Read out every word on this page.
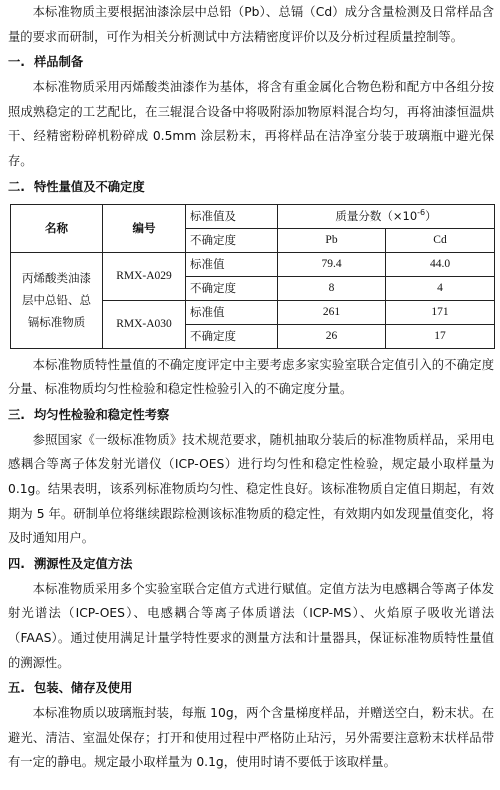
本标准物质主要根据油漆涂层中总铅（Pb）、总镉（Cd）成分含量检测及日常样品含量的要求而研制，可作为相关分析测试中方法精密度评价以及分析过程质量控制等。

一. 样品制备

本标准物质采用丙烯酸类油漆作为基体，将含有重金属化合物色粉和配方中各组分按照成熟稳定的工艺配比，在三辊混合设备中将吸附添加物原料混合均匀，再将油漆恒温烘干、经精密粉碎机粉碎成 0.5mm 涂层粉末，再将样品在洁净室分装于玻璃瓶中避光保存。

二. 特性量值及不确定度
名称	编号	标准值及	质量分数$(\times 10^{-6})$	
		不确定度	Pb	Cd

丙烯酸类油漆
层中总铅、总
镉标准物质	RMX-A029	标准值	79.4	44.0
		不确定度	8	4
	RMX-A030	标准值	261	171
		不确定度	26	17

本标准物质特性量值的不确定度评定中主要考虑多家实验室联合定值引入的不确定度分量、标准物质均匀性检验和稳定性检验引入的不确定度分量。

三. 均匀性检验和稳定性考察

参照国家《一级标准物质》技术规范要求，随机抽取分装后的标准物质样品，采用电感耦合等离子体发射光谱仪（ICP-OES）进行均匀性和稳定性检验，规定最小取样量为 0.1g。结果表明，该系列标准物质均匀性、稳定性良好。该标准物质自定值日期起，有效期为 5 年。研制单位将继续跟踪检测该标准物质的稳定性，有效期内如发现量值变化，将及时通知用户。

四. 溯源性及定值方法

本标准物质采用多个实验室联合定值方式进行赋值。定值方法为电感耦合等离子体发射光谱法（ICP-OES）、电感耦合等离子体质谱法（ICP-MS）、火焰原子吸收光谱法（FAAS）。通过使用满足计量学特性要求的测量方法和计量器具，保证标准物质特性量值的溯源性。

五. 包装、储存及使用

本标准物质以玻璃瓶封装，每瓶 10g，两个含量梯度样品，并赠送空白，粉末状。在避光、清洁、室温处保存；打开和使用过程中严格防止玷污，另外需要注意粉末状样品带有一定的静电。规定最小取样量为 0.1g，使用时请不要低于该取样量。
